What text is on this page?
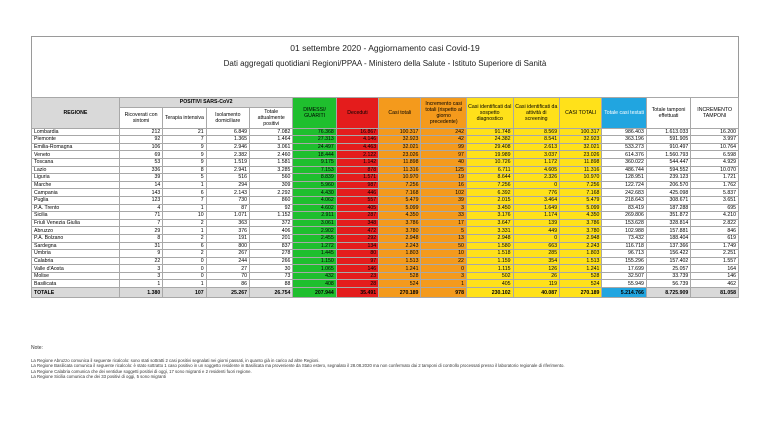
01 settembre 2020 - Aggiornamento casi Covid-19
Dati aggregati quotidiani Regioni/PPAA - Ministero della Salute - Istituto Superiore di Sanità
REGIONE	POSITIVI SARS-CoV2				DIMESSI/ GUARITI	Deceduti	Casi totali	Incremento casi totali (rispetto al giorno precedente)	Casi identificati dal sospetto diagnostico	Casi identificati da attività di screening	CASI TOTALI	Totale casi testati	Totale tamponi effettuati	INCREMENTO TAMPONI
	Ricoverati con sintomi	Terapia intensiva	Isolamento domiciliare	Totale attualmente positivi										
Lombardia	212	21	6.849	7.082	76.368	16.867	100.317	242	91.748	8.569	100.317	986.403	1.613.033	16.200
Piemonte	92	7	1.365	1.464	27.313	4.146	32.923	42	24.382	8.541	32.923	363.196	591.905	3.997
Emilia-Romagna	106	9	2.946	3.061	24.497	4.463	32.021	99	29.408	2.613	32.021	533.273	910.497	10.764
Veneto	69	9	2.382	2.460	18.444	2.122	23.026	97	19.989	3.037	23.026	614.376	1.560.793	6.598
Toscana	53	9	1.519	1.581	9.175	1.142	11.898	40	10.726	1.172	11.898	360.022	544.447	4.929
Lazio	336	8	2.941	3.285	7.153	878	11.316	125	6.711	4.605	11.316	486.744	594.552	10.070
Liguria	39	5	516	560	8.839	1.571	10.970	19	8.644	2.326	10.970	128.951	239.123	1.721
Marche	14	1	294	309	5.960	987	7.256	16	7.256	0	7.256	122.724	206.570	1.762
Campania	143	6	2.143	2.292	4.430	446	7.168	102	6.392	776	7.168	242.683	425.098	5.837
Puglia	123	7	730	860	4.062	557	5.479	39	2.015	3.464	5.479	218.643	308.671	3.651
P.A. Trento	4	1	87	92	4.602	405	5.099	3	3.450	1.649	5.099	83.419	187.288	695
Sicilia	71	10	1.071	1.152	2.911	287	4.350	33	3.176	1.174	4.350	269.806	351.872	4.210
Friuli Venezia Giulia	7	2	363	372	3.061	348	3.786	17	3.647	139	3.786	153.628	328.814	2.822
Abruzzo	29	1	376	406	2.902	472	3.780	5	3.331	449	3.780	102.988	157.881	846
P.A. Bolzano	8	2	191	201	2.455	292	2.948	13	2.948	0	2.948	73.432	188.404	619
Sardegna	31	6	800	837	1.272	134	2.243	50	1.580	663	2.243	116.718	137.366	1.749
Umbria	9	2	267	278	1.445	80	1.803	10	1.518	285	1.803	96.713	156.422	2.251
Calabria	22	0	244	266	1.150	97	1.513	22	1.159	354	1.513	155.296	157.402	1.557
Valle d'Aosta	3	0	27	30	1.065	146	1.241	0	1.115	126	1.241	17.699	25.057	164
Molise	3	0	70	73	432	23	528	3	502	26	528	32.507	33.739	146
Basilicata	1	1	86	88	408	28	524	1	405	119	524	55.949	56.739	462
TOTALE	1.380	107	25.267	26.754	207.944	35.491	270.189	978	230.102	40.087	270.189	5.214.766	8.725.909	81.058
Note:
La Regione Abruzzo comunica il seguente ricalcolo: sono stati sottratti 2 casi positivi segnalati nei giorni passati, in quanto già in carico ad altre Regioni.
La Regione Basilicata comunica il seguente ricalcolo: è stato sottratto 1 caso positivo in un soggetto residente in Basilicata ma proveniente da Stato estero, segnalato il 28.08.2020 ma non confermato dai 2 tamponi di controllo processati presso il laboratorio regionale di riferimento.
La Regione Calabria comunica che dei ventidue soggetti positivi di oggi, 17 sono migranti e 2 residenti fuori regione.
La Regione Sicilia comunica che dei 33 positivi di oggi, 5 sono migranti
